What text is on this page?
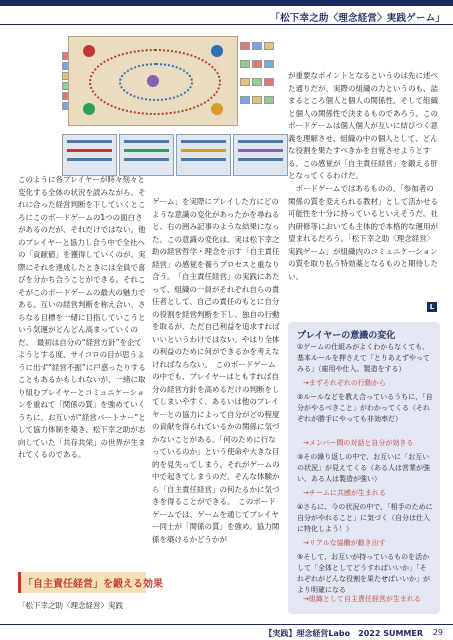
「松下幸之助〈理念経営〉実践ゲーム」

このように各プレイヤーが時々刻々と変化する全体の状況を読みながら、それに合った経営判断を下していくところにこのボードゲームの1つの面白さがあるのだが、それだけではない。他のプレイヤーと協力し合う中で全社への「貢献値」を獲得していくのが、実際にそれを達成したときには全員で喜びを分かち合うことができる。それこそがこのボードゲームの最大の魅力である。互いの経営判断を称え合い、さらなる目標を一緒に目指していこうという気運がどんどん高まっていくのだ。　最初は自分の“経営方針”を企てようとする度、サイコロの目が思うように出ず“経営不振”に戸惑ったりすることもあるかもしれないが、一緒に取り組むプレイヤーとコミュニケーションを重ねて「関係の質」を強めていくうちに、お互いが“経営パートナー”として協力体制を築き、松下幸之助が志向していた「共存共栄」の世界が生まれてくるのである。

「自主責任経営」を鍛える効果

「松下幸之助〈理念経営〉実践

ゲーム」を実際にプレイした方にどのような意識の変化があったかを尋ねると、右の囲み記事のような結果になった。この意識の変化は、実は松下幸之助の経営哲学・理念を示す「自主責任経営」の感覚を養うプロセスと重なり合う。　「自主責任経営」の実践にあたって、組織の一員がそれぞれ自らの責任者として、自己の責任のもとに自分の役割を経営判断を下し、独自の行動を取るが、ただ自己利益を追求すればいいというわけではない。やはり全体の利益のために何ができるかを考えなければならない。　このボードゲームの中でも、プレイヤーはともすれば自分の経営方針を高めるだけの判断をしてしまいやすく、あるいは他のプレイヤーとの協力によって自分がどの程度の貢献を得られているかの関係に気づかないことがある。「何のために行なっているのか」という使命や大きな目的を見失ってしまう。それがゲームの中で起きてしまうのだ。そんな体験から「自主責任経営」の何たるかに気づきを得ることができる。　このボードゲームでは、ゲームを通じてプレイヤー同士が「関係の質」を強め、協力関係を築けるかどうかが

が重要なポイントとなるというのは先に述べた通りだが、実際の組織の力というのも、詰まるところ個人と個人の関係性、そして組織と個人の関係性で決まるものであろう。このボードゲームは個人個人が互いに結びつく意義を理解させ、組織の中の個人として、どんな役割を果たすべきかを自覚させようとする。この感覚が「自主責任経営」を鍛える肝となってくるわけだ。

　ボードゲームではあるものの、「参加者の関係の質を変えられる教材」として活かせる可能性を十分に持っているといえそうだ。社内研修等においても主体的で本格的な運用が望まれるだろう。「松下幸之助〈理念経営〉実践ゲーム」が組織内のコミュニケーションの質を取り払う特効薬となるものと期待したい。

L
プレイヤーの意識の変化

①ゲームの仕組みがよくわからなくても、基本ルールを押さえて「とりあえずやってみる」（雇用や仕入、製造をする）

→まずそれぞれの行動から

②ルールなどを教え合っているうちに、「自分がやるべきこと」がわかってくる（それぞれが勝手にやっても非効率だ）

→メンバー間の対話と自分が効きる

③その繰り返しの中で、お互いに「お互いの状況」が見えてくる（ある人は営業が強い、ある人は製造が強い）

→チームに共感が生まれる

④さらに、今の状況の中で、「相手のために自分がやれること」に気づく（自分は仕入に特化しよう！）

→リアルな協働が動き出す

⑤そして、お互いが持っているものを活かして「全体としてどうすればいいか」「それぞれがどんな役割を果たせばいいか」がより明確になる

→組織として自主責任経営が生まれる

【実践】理念経営Labo　2022 SUMMER 29
